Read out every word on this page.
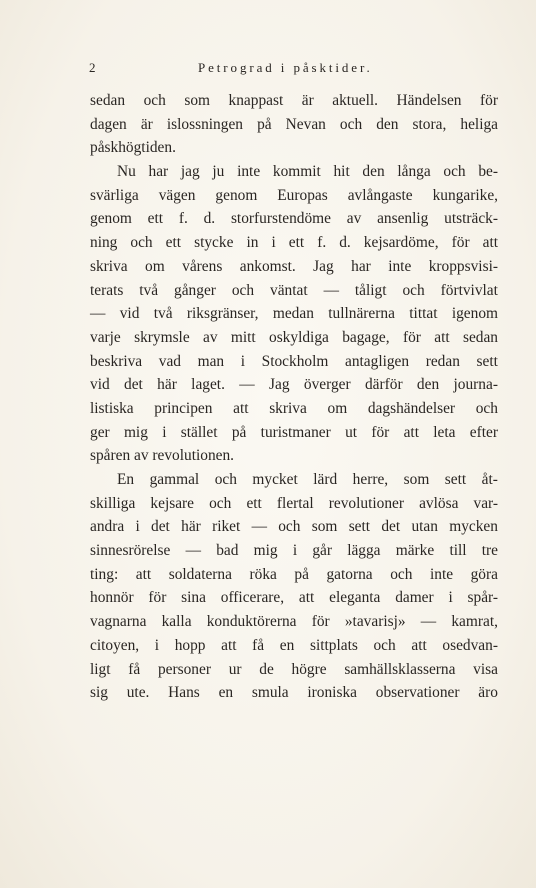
2	Petrograd i påsktider.
sedan och som knappast är aktuell. Händelsen för
dagen är islossningen på Nevan och den stora, heliga
påskhögtiden.
Nu har jag ju inte kommit hit den långa och be-
svärliga vägen genom Europas avlångaste kungarike,
genom ett f. d. storfurstendöme av ansenlig utsträck-
ning och ett stycke in i ett f. d. kejsardöme, för att
skriva om vårens ankomst. Jag har inte kroppsvisi-
terats två gånger och väntat — tåligt och förtvivlat
— vid två riksgränser, medan tullnärerna tittat igenom
varje skrymsle av mitt oskyldiga bagage, för att sedan
beskriva vad man i Stockholm antagligen redan sett
vid det här laget. — Jag överger därför den journa-
listiska principen att skriva om dagshändelser och
ger mig i stället på turistmaner ut för att leta efter
spåren av revolutionen.
En gammal och mycket lärd herre, som sett åt-
skilliga kejsare och ett flertal revolutioner avlösa var-
andra i det här riket — och som sett det utan mycken
sinnesrörelse — bad mig i går lägga märke till tre
ting: att soldaterna röka på gatorna och inte göra
honnör för sina officerare, att eleganta damer i spår-
vagnarna kalla konduktörerna för »tavarisj» — kamrat,
citoyen, i hopp att få en sittplats och att osedvan-
ligt få personer ur de högre samhällsklasserna visa
sig ute. Hans en smula ironiska observationer äro
